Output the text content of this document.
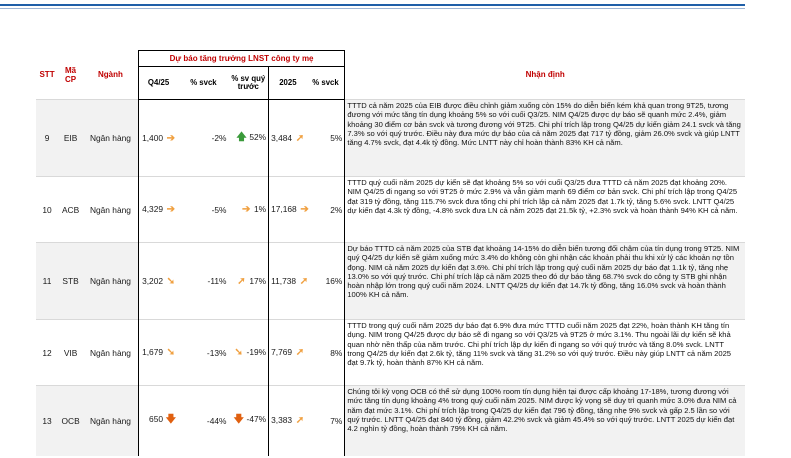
STT	Mã CP	Ngành	Dự báo tăng trưởng LNST công ty mẹ					Nhận định
			Q4/25	% svck	% sv quý trước	2025	% svck	
9	EIB	Ngân hàng	1,400 ➔	-2%	🡅 52%	3,484 ➚	5%	TTTD cả năm 2025 của EIB được điều chỉnh giảm xuống còn 15% do diễn biến kém khả quan trong 9T25, tương đương với mức tăng tín dụng khoảng 5% so với cuối Q3/25. NIM Q4/25 được dự báo sẽ quanh mức 2.4%, giảm khoảng 30 điểm cơ bản svck và tương đương với 9T25. Chi phí trích lập trong Q4/25 dự kiến giảm 24.1 svck và tăng 7.3% so với quý trước. Điều này đưa mức dự báo của cả năm 2025 đạt 717 tỷ đồng, giảm 26.0% svck và giúp LNTT tăng 4.7% svck, đạt 4.4k tỷ đồng. Mức LNTT này chỉ hoàn thành 83% KH cả năm.
10	ACB	Ngân hàng	4,329 ➔	-5%	➔ 1%	17,168 ➔	2%	TTTD quý cuối năm 2025 dự kiến sẽ đạt khoảng 5% so với cuối Q3/25 đưa TTTD cả năm 2025 đạt khoảng 20%. NIM Q4/25 đi ngang so với 9T25 ở mức 2.9% và vẫn giảm mạnh 69 điểm cơ bản svck. Chi phí trích lập trong Q4/25 đạt 319 tỷ đồng, tăng 115.7% svck đưa tổng chi phí trích lập cả năm 2025 đạt 1.7k tỷ, tăng 5.6% svck. LNTT Q4/25 dự kiến đạt 4.3k tỷ đồng, -4.8% svck đưa LN cả năm 2025 đạt 21.5k tỷ, +2.3% svck và hoàn thành 94% KH cả năm.
11	STB	Ngân hàng	3,202 ➘	-11%	➚ 17%	11,738 ➚	16%	Dự báo TTTD cả năm 2025 của STB đạt khoảng 14-15% do diễn biến tương đối chậm của tín dụng trong 9T25. NIM quý Q4/25 dự kiến sẽ giảm xuống mức 3.4% do không còn ghi nhận các khoản phải thu khi xử lý các khoản nợ tồn đọng. NIM cả năm 2025 dự kiến đạt 3.6%. Chi phí trích lập trong quý cuối năm 2025 dự báo đạt 1.1k tỷ, tăng nhẹ 13.0% so với quý trước. Chi phí trích lập cả năm 2025 theo đó dự báo tăng 68.7% svck do công ty STB ghi nhận hoàn nhập lớn trong quý cuối năm 2024. LNTT Q4/25 dự kiến đạt 14.7k tỷ đồng, tăng 16.0% svck và hoàn thành 100% KH cả năm.
12	VIB	Ngân hàng	1,679 ➘	-13%	➘ -19%	7,769 ➚	8%	TTTD trong quý cuối năm 2025 dự báo đạt 6.9% đưa mức TTTD cuối năm 2025 đạt 22%, hoàn thành KH tăng tín dụng. NIM trong Q4/25 được dự báo sẽ đi ngang so với Q3/25 và 9T25 ở mức 3.1%. Thu ngoài lãi dự kiến sẽ khả quan nhờ nền thấp của năm trước. Chi phí trích lập dự kiến đi ngang so với quý trước và tăng 8.0% svck. LNTT trong Q4/25 dự kiến đạt 2.6k tỷ, tăng 11% svck và tăng 31.2% so với quý trước. Điều này giúp LNTT cả năm 2025 đạt 9.7k tỷ, hoàn thành 87% KH cả năm.
13	OCB	Ngân hàng	650 🡇	-44%	🡇 -47%	3,383 ➚	7%	Chúng tôi kỳ vọng OCB có thể sử dụng 100% room tín dụng hiện tại được cấp khoảng 17-18%, tương đương với mức tăng tín dụng khoảng 4% trong quý cuối năm 2025. NIM được kỳ vọng sẽ duy trì quanh mức 3.0% đưa NIM cả năm đạt mức 3.1%. Chi phí trích lập trong Q4/25 dự kiến đạt 796 tỷ đồng, tăng nhẹ 9% svck và gấp 2.5 lần so với quý trước. LNTT Q4/25 đạt 840 tỷ đồng, giảm 42.2% svck và giảm 45.4% so với quý trước. LNTT 2025 dự kiến đạt 4.2 nghìn tỷ đồng, hoàn thành 79% KH cả năm.
